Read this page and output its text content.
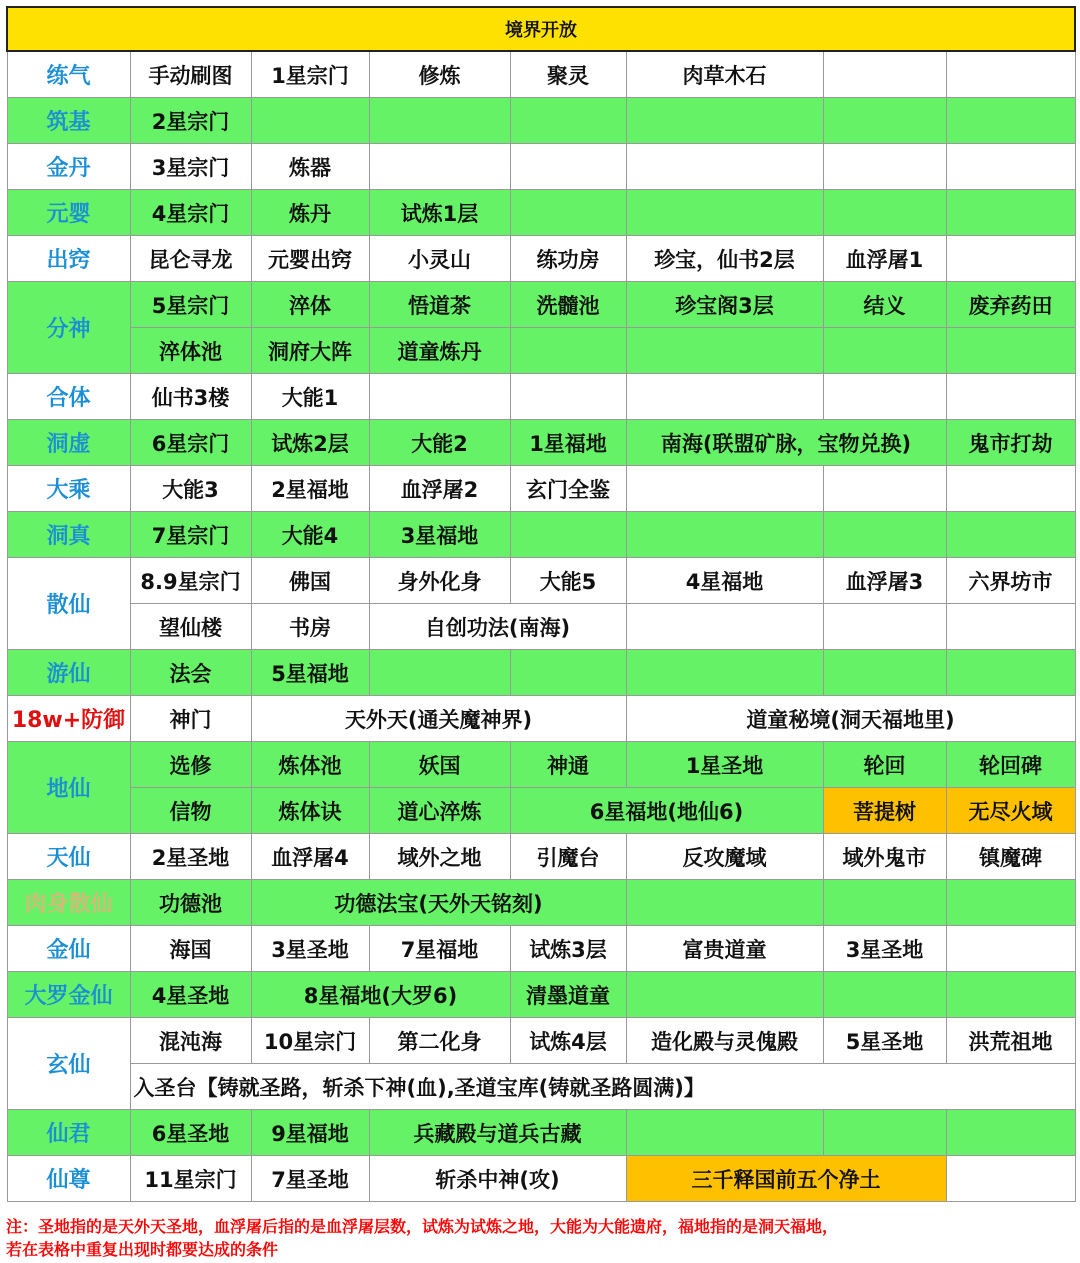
境界开放							
练气	手动刷图	1星宗门	修炼	聚灵	肉草木石		
筑基	2星宗门						
金丹	3星宗门	炼器					
元婴	4星宗门	炼丹	试炼1层				
出窍	昆仑寻龙	元婴出窍	小灵山	练功房	珍宝，仙书2层	血浮屠1	
分神	5星宗门	淬体	悟道茶	洗髓池	珍宝阁3层	结义	废弃药田
	淬体池	洞府大阵	道童炼丹				
合体	仙书3楼	大能1					
洞虚	6星宗门	试炼2层	大能2	1星福地	南海(联盟矿脉，宝物兑换)		鬼市打劫
大乘	大能3	2星福地	血浮屠2	玄门全鉴			
洞真	7星宗门	大能4	3星福地				
散仙	8.9星宗门	佛国	身外化身	大能5	4星福地	血浮屠3	六界坊市
	望仙楼	书房	自创功法(南海)				
游仙	法会	5星福地					
18w+防御	神门	天外天(通关魔神界)			道童秘境(洞天福地里)		
地仙	选修	炼体池	妖国	神通	1星圣地	轮回	轮回碑
	信物	炼体诀	道心淬炼	6星福地(地仙6)		菩提树	无尽火域
天仙	2星圣地	血浮屠4	域外之地	引魔台	反攻魔域	域外鬼市	镇魔碑
肉身散仙	功德池	功德法宝(天外天铭刻)					
金仙	海国	3星圣地	7星福地	试炼3层	富贵道童	3星圣地	
大罗金仙	4星圣地	8星福地(大罗6)		清墨道童			
玄仙	混沌海	10星宗门	第二化身	试炼4层	造化殿与灵傀殿	5星圣地	洪荒祖地
	入圣台【铸就圣路，斩杀下神(血),圣道宝库(铸就圣路圆满)】						
仙君	6星圣地	9星福地	兵藏殿与道兵古藏				
仙尊	11星宗门	7星圣地	斩杀中神(攻)		三千释国前五个净土		
注：圣地指的是天外天圣地，血浮屠后指的是血浮屠层数，试炼为试炼之地，大能为大能遗府，福地指的是洞天福地，
若在表格中重复出现时都要达成的条件
